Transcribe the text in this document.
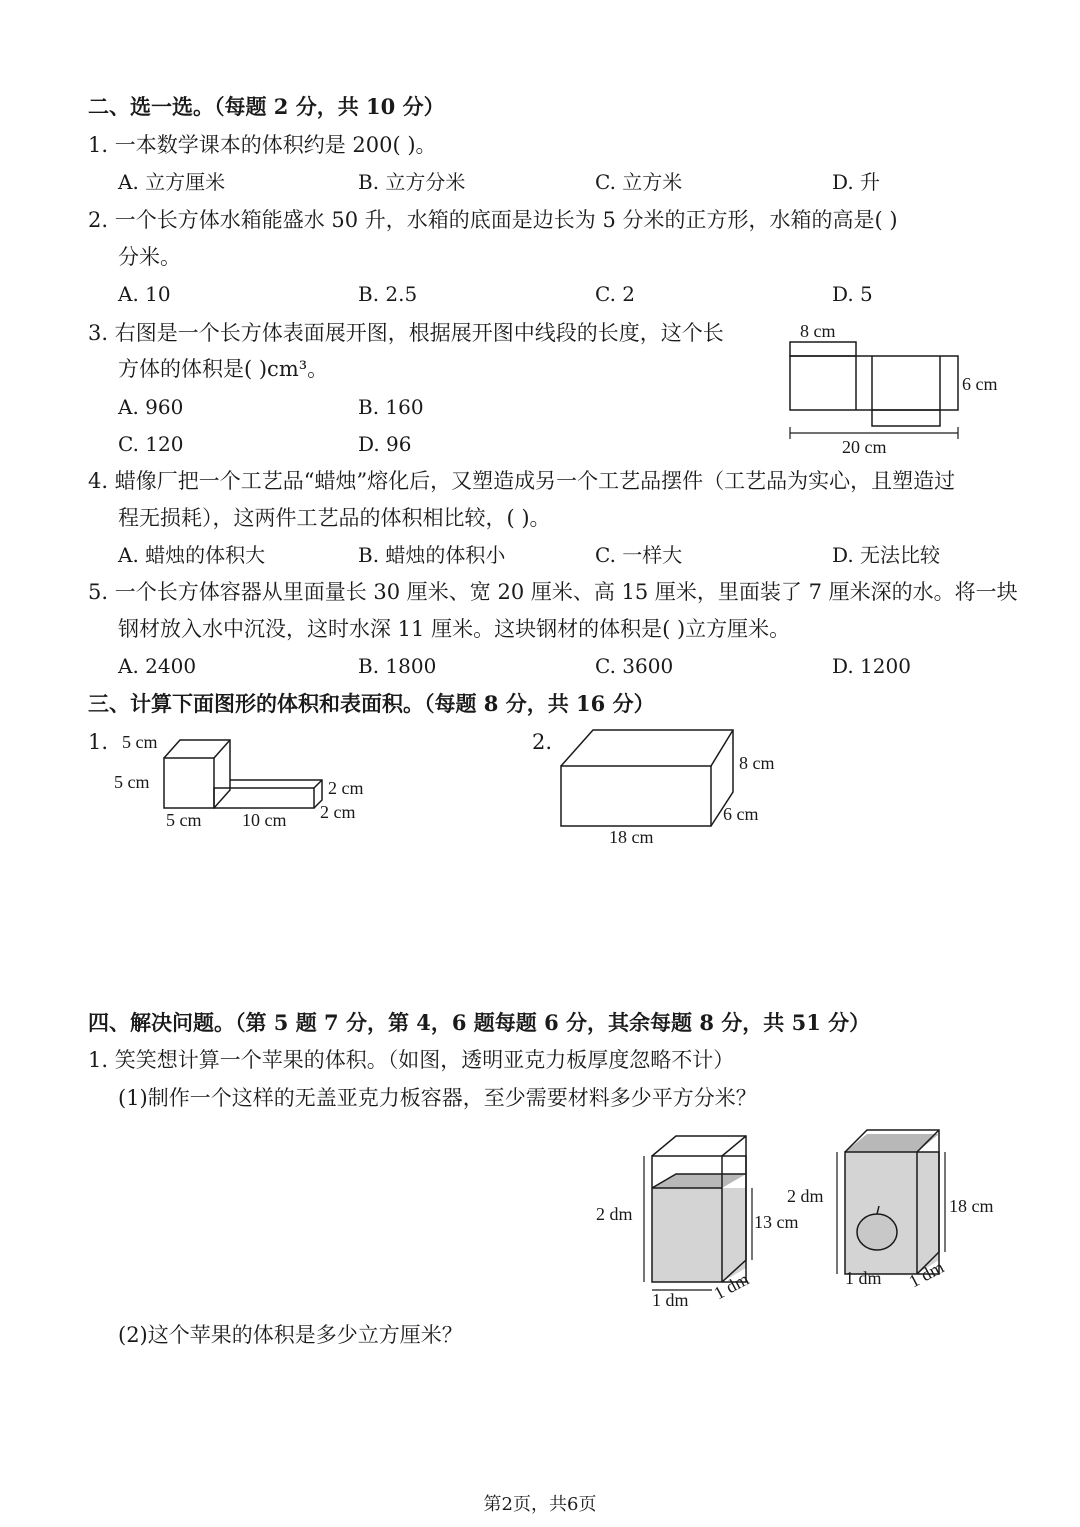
二、选一选。（每题 2 分，共 10 分）
1. 一本数学课本的体积约是 200( )。
A. 立方厘米	B. 立方分米	C. 立方米	D. 升
2. 一个长方体水箱能盛水 50 升，水箱的底面是边长为 5 分米的正方形，水箱的高是( )
分米。
A. 10	B. 2.5	C. 2	D. 5
3. 右图是一个长方体表面展开图，根据展开图中线段的长度，这个长
方体的体积是( )cm³。
A. 960	B. 160
C. 120	D. 96
8 cm
6 cm
20 cm
4. 蜡像厂把一个工艺品“蜡烛”熔化后，又塑造成另一个工艺品摆件（工艺品为实心，且塑造过
程无损耗），这两件工艺品的体积相比较，( )。
A. 蜡烛的体积大	B. 蜡烛的体积小	C. 一样大	D. 无法比较
5. 一个长方体容器从里面量长 30 厘米、宽 20 厘米、高 15 厘米，里面装了 7 厘米深的水。将一块
钢材放入水中沉没，这时水深 11 厘米。这块钢材的体积是( )立方厘米。
A. 2400	B. 1800	C. 3600	D. 1200
三、计算下面图形的体积和表面积。（每题 8 分，共 16 分）
1. 5 cm
5 cm
5 cm 10 cm
2 cm
2 cm
2.
8 cm
6 cm
18 cm
四、解决问题。（第 5 题 7 分，第 4，6 题每题 6 分，其余每题 8 分，共 51 分）
1. 笑笑想计算一个苹果的体积。（如图，透明亚克力板厚度忽略不计）
(1)制作一个这样的无盖亚克力板容器，至少需要材料多少平方分米？
2 dm	13 cm
1 dm 1 dm
2 dm	18 cm
1 dm 1 dm
(2)这个苹果的体积是多少立方厘米？
第2页，共6页
